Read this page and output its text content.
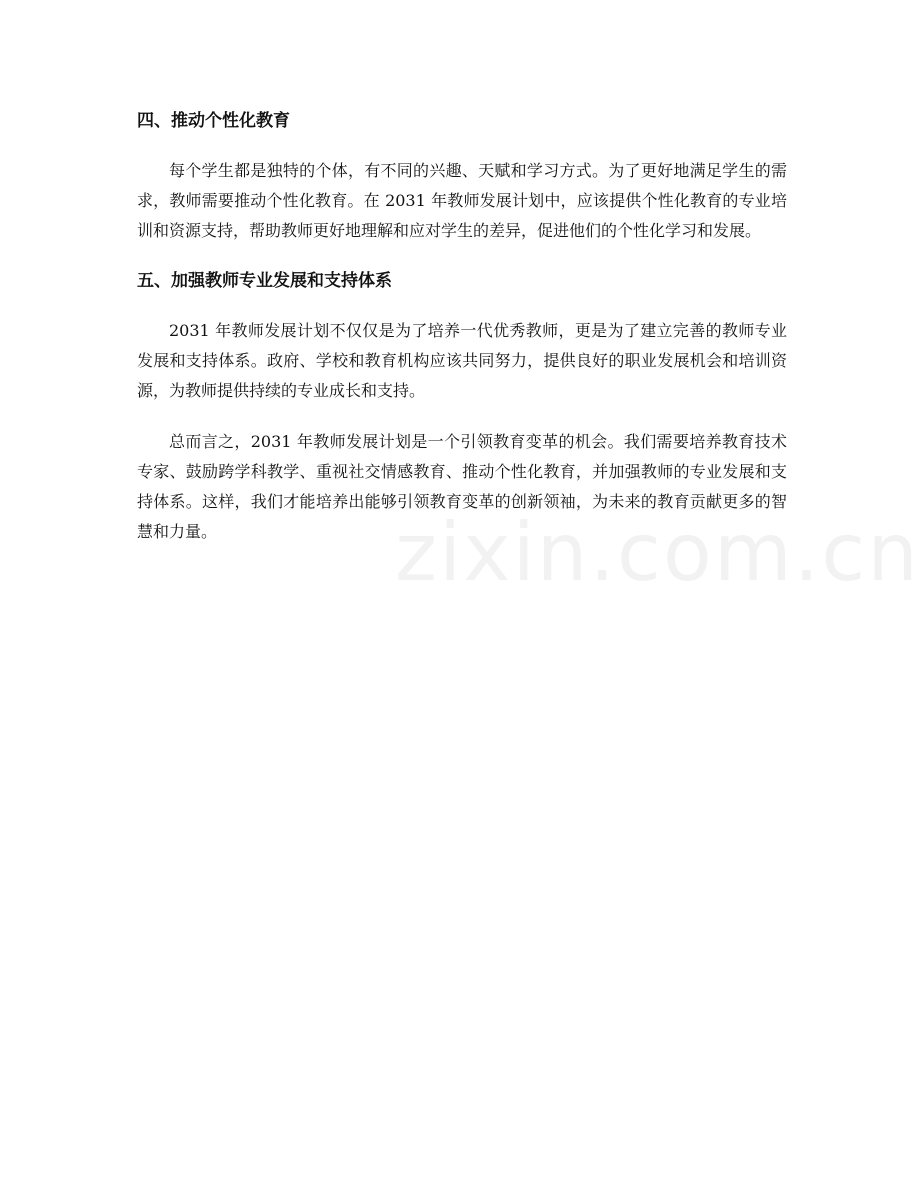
四、推动个性化教育

每个学生都是独特的个体，有不同的兴趣、天赋和学习方式。为了更好地满足学生的需求，教师需要推动个性化教育。在 2031 年教师发展计划中，应该提供个性化教育的专业培训和资源支持，帮助教师更好地理解和应对学生的差异，促进他们的个性化学习和发展。

五、加强教师专业发展和支持体系

2031 年教师发展计划不仅仅是为了培养一代优秀教师，更是为了建立完善的教师专业发展和支持体系。政府、学校和教育机构应该共同努力，提供良好的职业发展机会和培训资源，为教师提供持续的专业成长和支持。

总而言之，2031 年教师发展计划是一个引领教育变革的机会。我们需要培养教育技术专家、鼓励跨学科教学、重视社交情感教育、推动个性化教育，并加强教师的专业发展和支持体系。这样，我们才能培养出能够引领教育变革的创新领袖，为未来的教育贡献更多的智慧和力量。	zixin.com.cn
